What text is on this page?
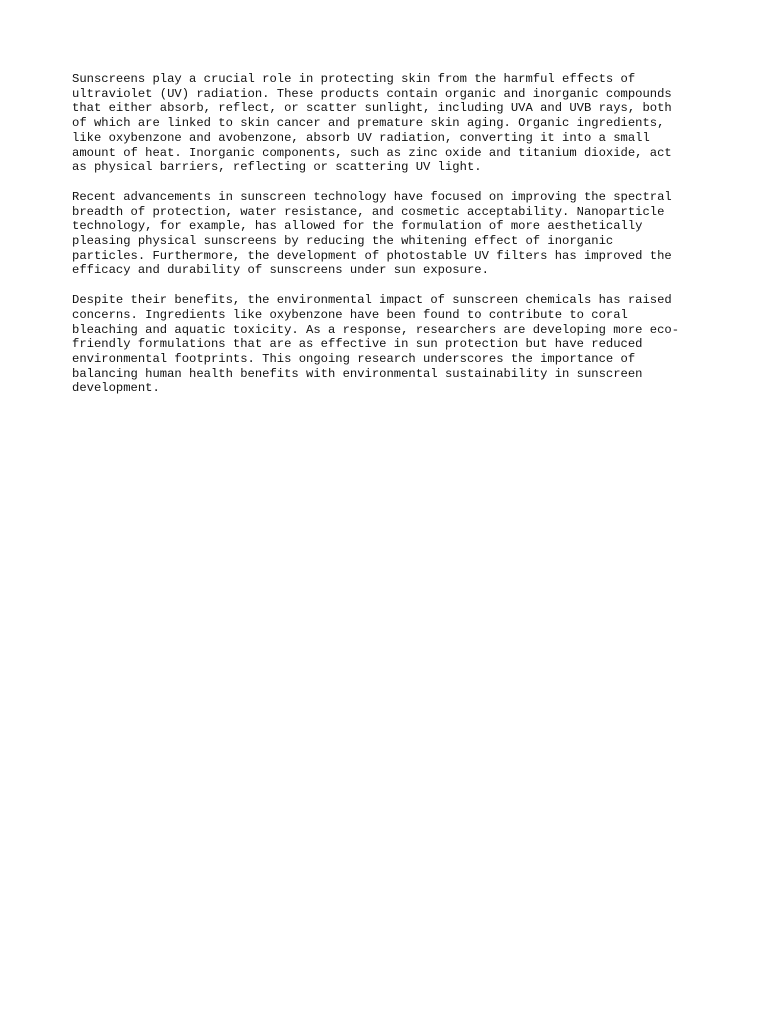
Sunscreens play a crucial role in protecting skin from the harmful effects of
ultraviolet (UV) radiation. These products contain organic and inorganic compounds
that either absorb, reflect, or scatter sunlight, including UVA and UVB rays, both
of which are linked to skin cancer and premature skin aging. Organic ingredients,
like oxybenzone and avobenzone, absorb UV radiation, converting it into a small
amount of heat. Inorganic components, such as zinc oxide and titanium dioxide, act
as physical barriers, reflecting or scattering UV light.

Recent advancements in sunscreen technology have focused on improving the spectral
breadth of protection, water resistance, and cosmetic acceptability. Nanoparticle
technology, for example, has allowed for the formulation of more aesthetically
pleasing physical sunscreens by reducing the whitening effect of inorganic
particles. Furthermore, the development of photostable UV filters has improved the
efficacy and durability of sunscreens under sun exposure.

Despite their benefits, the environmental impact of sunscreen chemicals has raised
concerns. Ingredients like oxybenzone have been found to contribute to coral
bleaching and aquatic toxicity. As a response, researchers are developing more eco-
friendly formulations that are as effective in sun protection but have reduced
environmental footprints. This ongoing research underscores the importance of
balancing human health benefits with environmental sustainability in sunscreen
development.
